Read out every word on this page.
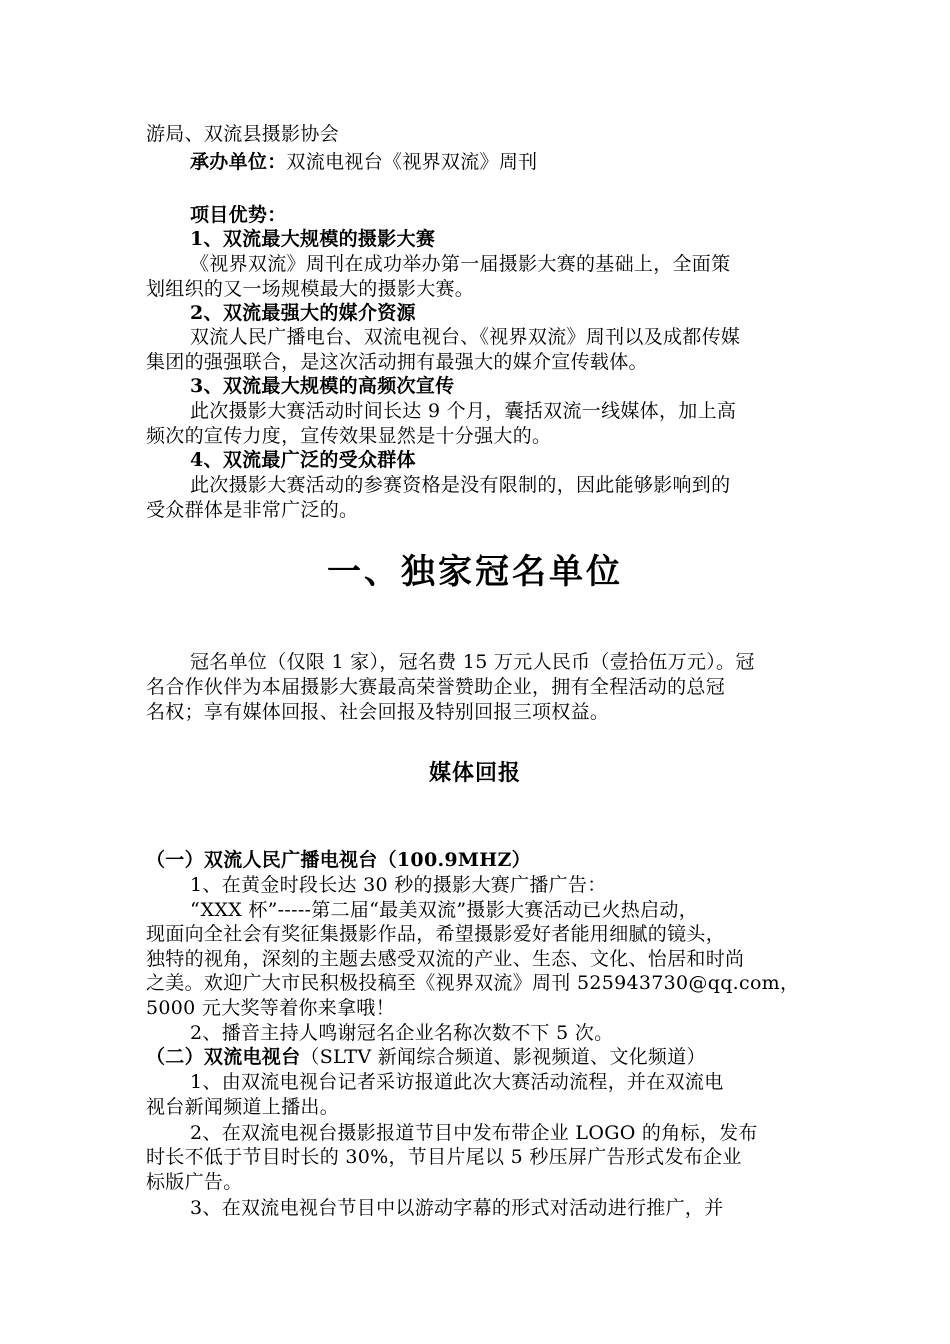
游局、双流县摄影协会

承办单位：双流电视台《视界双流》周刊

项目优势：

1、双流最大规模的摄影大赛

《视界双流》周刊在成功举办第一届摄影大赛的基础上，全面策

划组织的又一场规模最大的摄影大赛。

2、双流最强大的媒介资源

双流人民广播电台、双流电视台、《视界双流》周刊以及成都传媒

集团的强强联合，是这次活动拥有最强大的媒介宣传载体。

3、双流最大规模的高频次宣传

此次摄影大赛活动时间长达 9 个月，囊括双流一线媒体，加上高

频次的宣传力度，宣传效果显然是十分强大的。

4、双流最广泛的受众群体

此次摄影大赛活动的参赛资格是没有限制的，因此能够影响到的

受众群体是非常广泛的。

一、独家冠名单位

冠名单位（仅限 1 家），冠名费 15 万元人民币（壹拾伍万元）。冠

名合作伙伴为本届摄影大赛最高荣誉赞助企业，拥有全程活动的总冠

名权；享有媒体回报、社会回报及特别回报三项权益。

媒体回报

（一）双流人民广播电视台（100.9MHZ）

1、在黄金时段长达 30 秒的摄影大赛广播广告：

“XXX 杯”-----第二届“最美双流”摄影大赛活动已火热启动，

现面向全社会有奖征集摄影作品，希望摄影爱好者能用细腻的镜头，

独特的视角，深刻的主题去感受双流的产业、生态、文化、怡居和时尚

之美。欢迎广大市民积极投稿至《视界双流》周刊 525943730@qq.com，

5000 元大奖等着你来拿哦！

2、播音主持人鸣谢冠名企业名称次数不下 5 次。

（二）双流电视台（SLTV 新闻综合频道、影视频道、文化频道）

1、由双流电视台记者采访报道此次大赛活动流程，并在双流电

视台新闻频道上播出。

2、在双流电视台摄影报道节目中发布带企业 LOGO 的角标，发布

时长不低于节目时长的 30%，节目片尾以 5 秒压屏广告形式发布企业

标版广告。

3、在双流电视台节目中以游动字幕的形式对活动进行推广，并
